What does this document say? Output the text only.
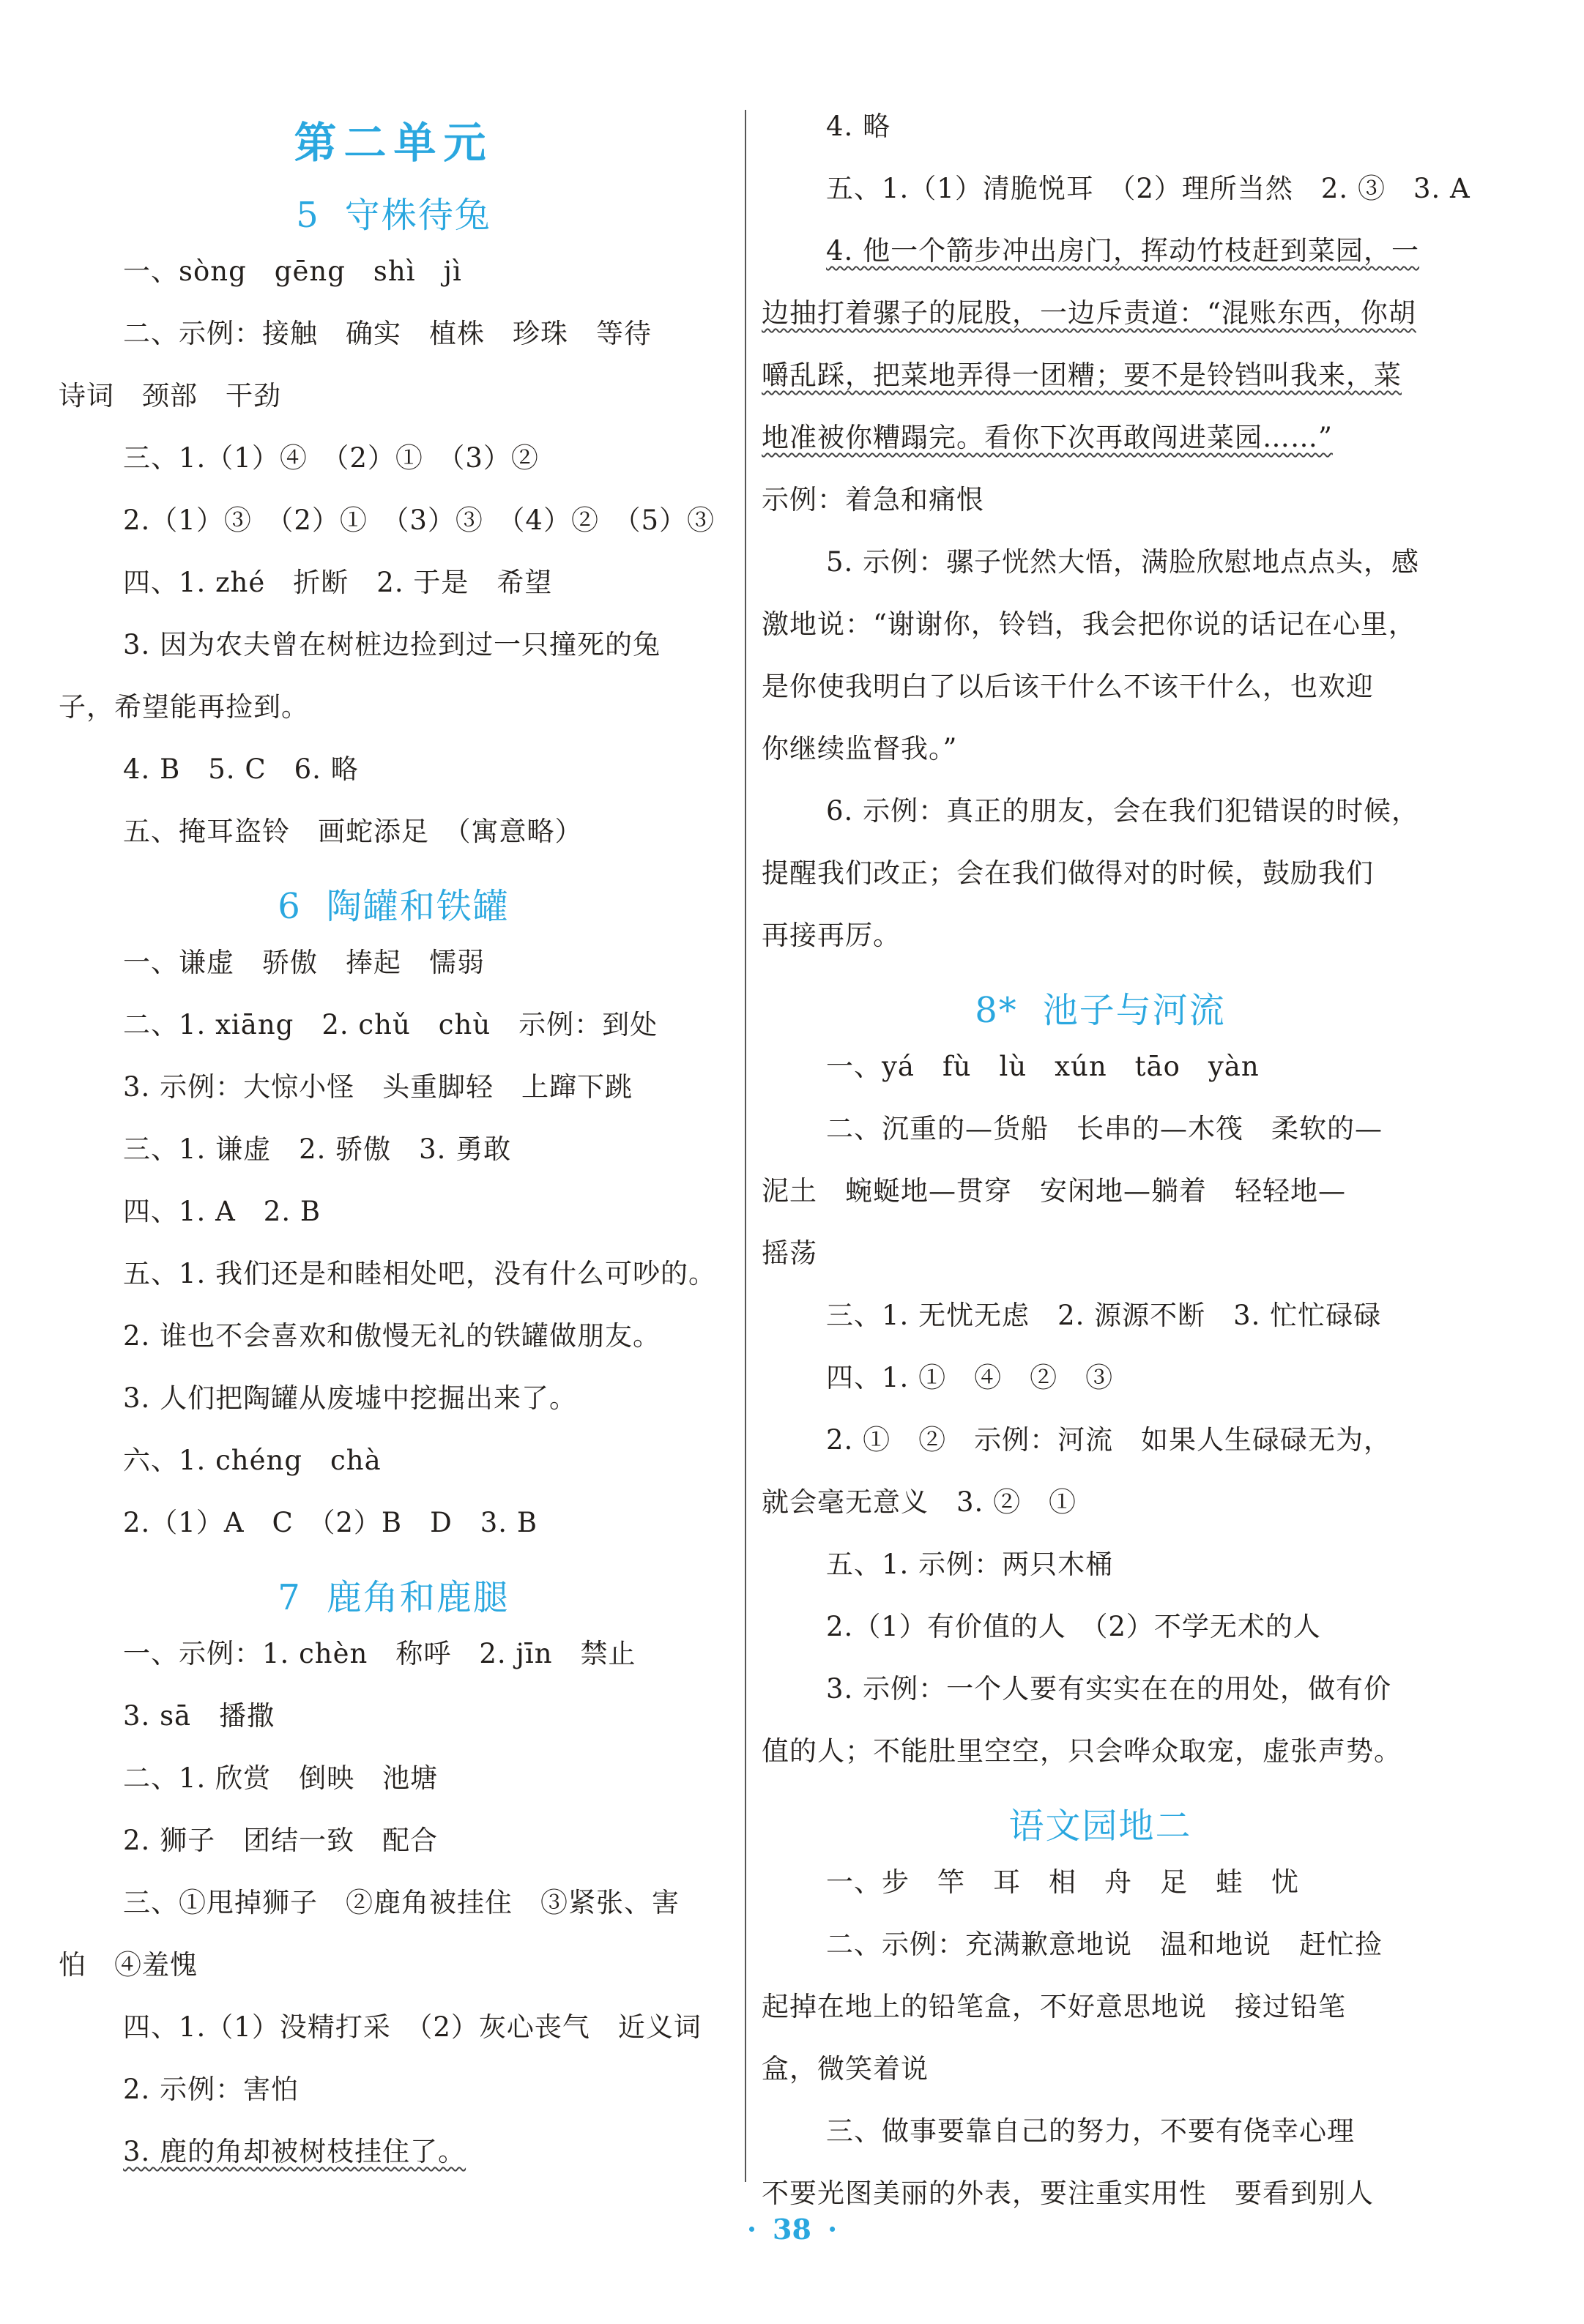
第二单元
5 守株待兔
一、sòng　gēng　shì　jì
二、示例：接触　确实　植株　珍珠　等待
诗词　颈部　干劲
三、1.（1）④　（2）①　（3）②
2.（1）③　（2）①　（3）③　（4）②　（5）③
四、1. zhé　折断　2. 于是　希望
3. 因为农夫曾在树桩边捡到过一只撞死的兔
子，希望能再捡到。
4. B　5. C　6. 略
五、掩耳盗铃　画蛇添足　（寓意略）
6 陶罐和铁罐
一、谦虚　骄傲　捧起　懦弱
二、1. xiāng　2. chǔ　chù　示例：到处
3. 示例：大惊小怪　头重脚轻　上蹿下跳
三、1. 谦虚　2. 骄傲　3. 勇敢
四、1. A　2. B
五、1. 我们还是和睦相处吧，没有什么可吵的。
2. 谁也不会喜欢和傲慢无礼的铁罐做朋友。
3. 人们把陶罐从废墟中挖掘出来了。
六、1. chéng　chà
2.（1）A　C　（2）B　D　3. B
7 鹿角和鹿腿
一、示例：1. chèn　称呼　2. jīn　禁止
3. sā　播撒
二、1. 欣赏　倒映　池塘
2. 狮子　团结一致　配合
三、①甩掉狮子　②鹿角被挂住　③紧张、害
怕　④羞愧
四、1.（1）没精打采　（2）灰心丧气　近义词
2. 示例：害怕
3. 鹿的角却被树枝挂住了。
4. 略
五、1.（1）清脆悦耳　（2）理所当然　2. ③　3. A
4. 他一个箭步冲出房门，挥动竹枝赶到菜园，一
边抽打着骡子的屁股，一边斥责道：“混账东西，你胡
嚼乱踩，把菜地弄得一团糟；要不是铃铛叫我来，菜
地准被你糟蹋完。看你下次再敢闯进菜园……”
示例：着急和痛恨
5. 示例：骡子恍然大悟，满脸欣慰地点点头，感
激地说：“谢谢你，铃铛，我会把你说的话记在心里，
是你使我明白了以后该干什么不该干什么，也欢迎
你继续监督我。”
6. 示例：真正的朋友，会在我们犯错误的时候，
提醒我们改正；会在我们做得对的时候，鼓励我们
再接再厉。
8* 池子与河流
一、yá　fù　lù　xún　tāo　yàn
二、沉重的—货船　长串的—木筏　柔软的—
泥土　蜿蜒地—贯穿　安闲地—躺着　轻轻地—
摇荡
三、1. 无忧无虑　2. 源源不断　3. 忙忙碌碌
四、1. ①　④　②　③
2. ①　②　示例：河流　如果人生碌碌无为，
就会毫无意义　3. ②　①
五、1. 示例：两只木桶
2.（1）有价值的人　（2）不学无术的人
3. 示例：一个人要有实实在在的用处，做有价
值的人；不能肚里空空，只会哗众取宠，虚张声势。
语文园地二
一、步　竿　耳　相　舟　足　蛙　忧
二、示例：充满歉意地说　温和地说　赶忙捡
起掉在地上的铅笔盒，不好意思地说　接过铅笔
盒，微笑着说
三、做事要靠自己的努力，不要有侥幸心理
不要光图美丽的外表，要注重实用性　要看到别人
· 38 ·
